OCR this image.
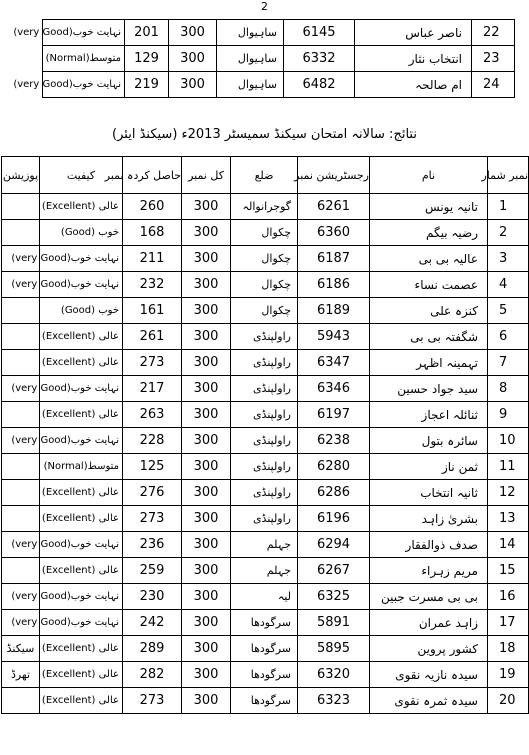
2
22	ناصر عباس	6145	ساہیوال	300	201	نہایت خوب(very Good)
23	انتخاب نثار	6332	ساہیوال	300	129	متوسط(Normal)
24	ام صالحہ	6482	ساہیوال	300	219	نہایت خوب(very Good)
نتائج: سالانہ امتحان سیکنڈ سمیسٹر 2013ء (سیکنڈ ایئر)
نمبر شمار	نام	رجسٹریشن نمبر	ضلع	کل نمبر	حاصل کردہ نمبر	کیفیت	پوزیشن
1	تانیہ یونس	6261	گوجرانوالہ	300	260	عالی (Excellent)	
2	رضیہ بیگم	6360	چکوال	300	168	خوب (Good)	
3	عالیہ بی بی	6187	چکوال	300	211	نہایت خوب(very Good)	
4	عصمت نساء	6186	چکوال	300	232	نہایت خوب(very Good)	
5	کنزہ علی	6189	چکوال	300	161	خوب (Good)	
6	شگفتہ بی بی	5943	راولپنڈی	300	261	عالی (Excellent)	
7	تہمینہ اظہر	6347	راولپنڈی	300	273	عالی (Excellent)	
8	سید جواد حسین	6346	راولپنڈی	300	217	نہایت خوب(very Good)	
9	ثنائلہ اعجاز	6197	راولپنڈی	300	263	عالی (Excellent)	
10	سائرہ بتول	6238	راولپنڈی	300	228	نہایت خوب(very Good)	
11	ثمن ناز	6280	راولپنڈی	300	125	متوسط(Normal)	
12	ثانیہ انتخاب	6286	راولپنڈی	300	276	عالی (Excellent)	
13	بشریٰ زاہد	6196	راولپنڈی	300	273	عالی (Excellent)	
14	صدف ذوالفقار	6294	جہلم	300	236	نہایت خوب(very Good)	
15	مریم زہراء	6267	جہلم	300	259	عالی (Excellent)	
16	بی بی مسرت جبین	6325	لیہ	300	230	نہایت خوب(very Good)	
17	زاہد عمران	5891	سرگودھا	300	242	نہایت خوب(very Good)	
18	کشور پروین	5895	سرگودھا	300	289	عالی (Excellent)	سیکنڈ
19	سیدہ نازیہ نقوی	6320	سرگودھا	300	282	عالی (Excellent)	تھرڈ
20	سیدہ ثمرہ نقوی	6323	سرگودھا	300	273	عالی (Excellent)	
